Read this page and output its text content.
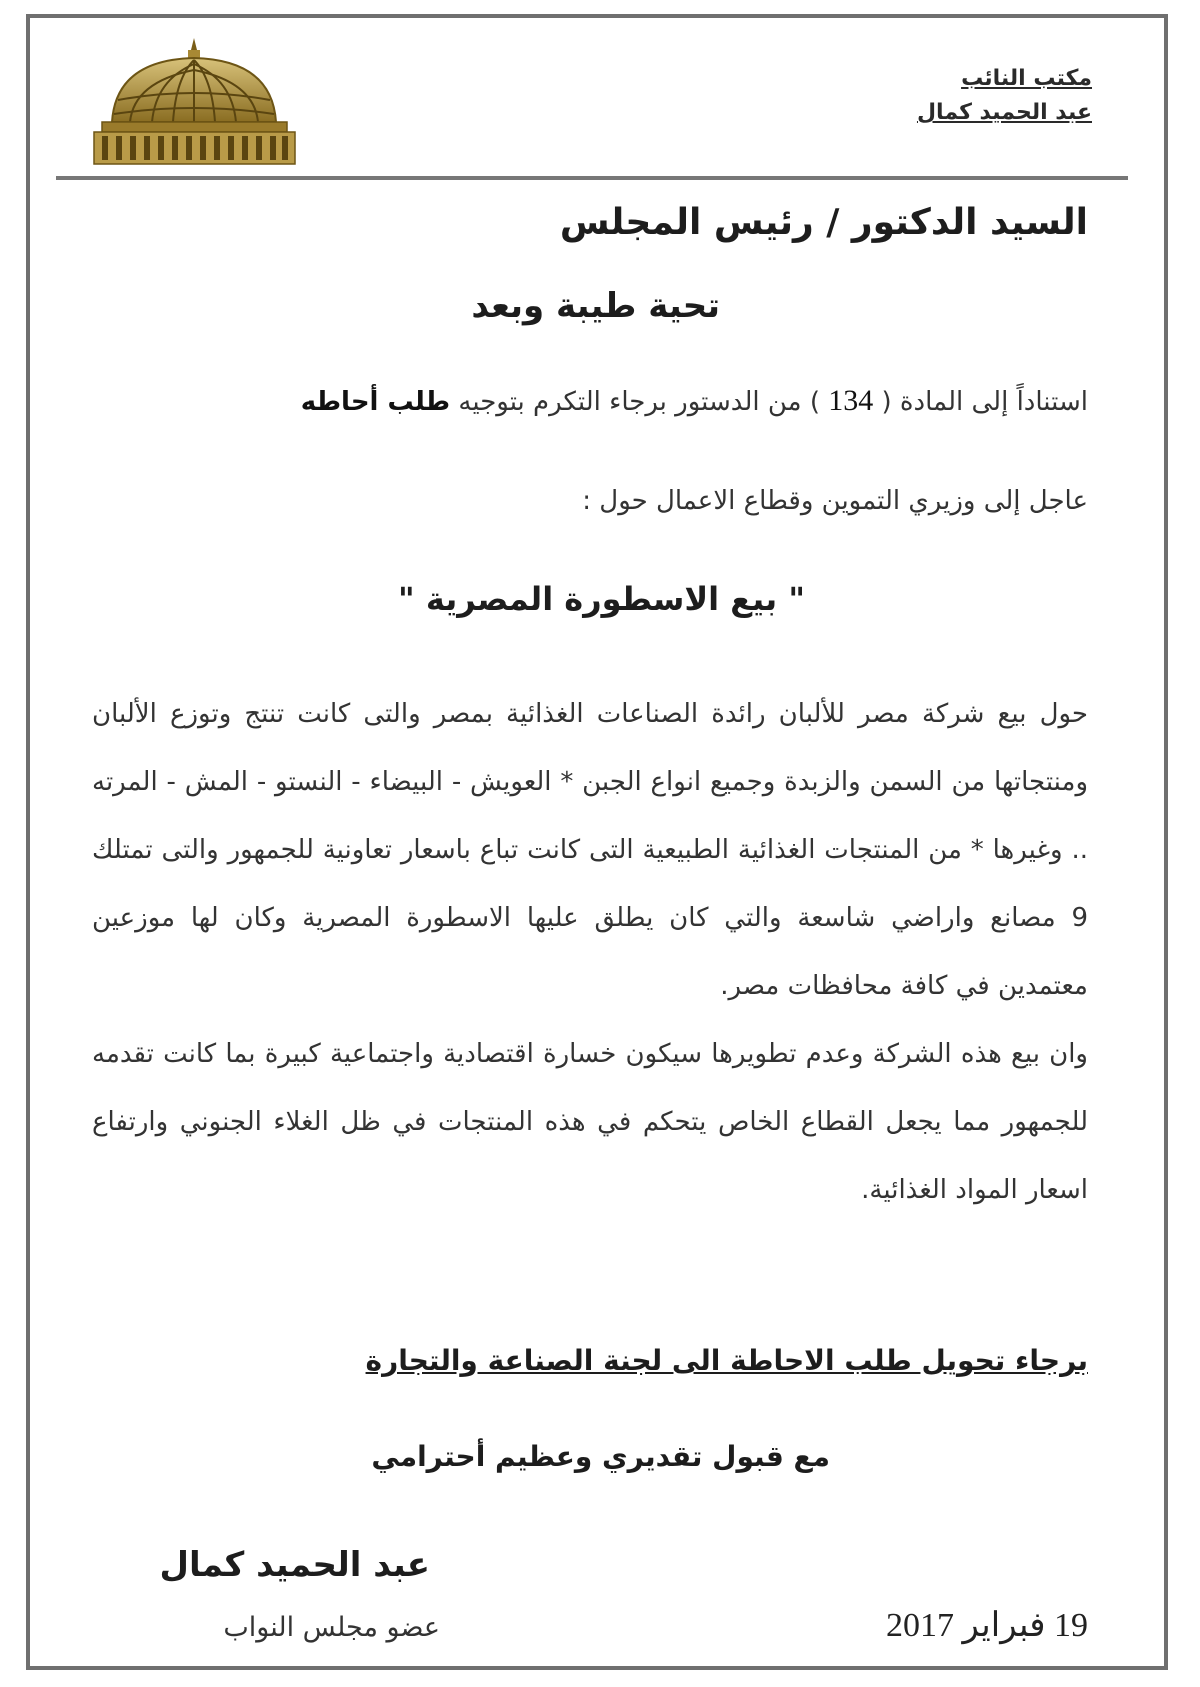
مكتب النائب
عبد الحميد كمال
السيد الدكتور / رئيس المجلس
تحية طيبة وبعد
استناداً إلى المادة ( 134 ) من الدستور برجاء التكرم بتوجيه طلب أحاطه
عاجل إلى وزيري التموين وقطاع الاعمال حول :
" بيع الاسطورة المصرية "
حول بيع شركة مصر للألبان رائدة الصناعات الغذائية بمصر والتى كانت تنتج وتوزع الألبان ومنتجاتها من السمن والزبدة وجميع انواع الجبن * العويش - البيضاء - النستو - المش - المرته .. وغيرها * من المنتجات الغذائية الطبيعية التى كانت تباع باسعار تعاونية للجمهور والتى تمتلك 9 مصانع واراضي شاسعة والتي كان يطلق عليها الاسطورة المصرية وكان لها موزعين معتمدين في كافة محافظات مصر.
وان بيع هذه الشركة وعدم تطويرها سيكون خسارة اقتصادية واجتماعية كبيرة بما كانت تقدمه للجمهور مما يجعل القطاع الخاص يتحكم في هذه المنتجات في ظل الغلاء الجنوني وارتفاع اسعار المواد الغذائية.
برجاء تحويل طلب الاحاطة الى لجنة الصناعة والتجارة
مع قبول تقديري وعظيم أحترامي
عبد الحميد كمال
عضو مجلس النواب	19 فبراير 2017
